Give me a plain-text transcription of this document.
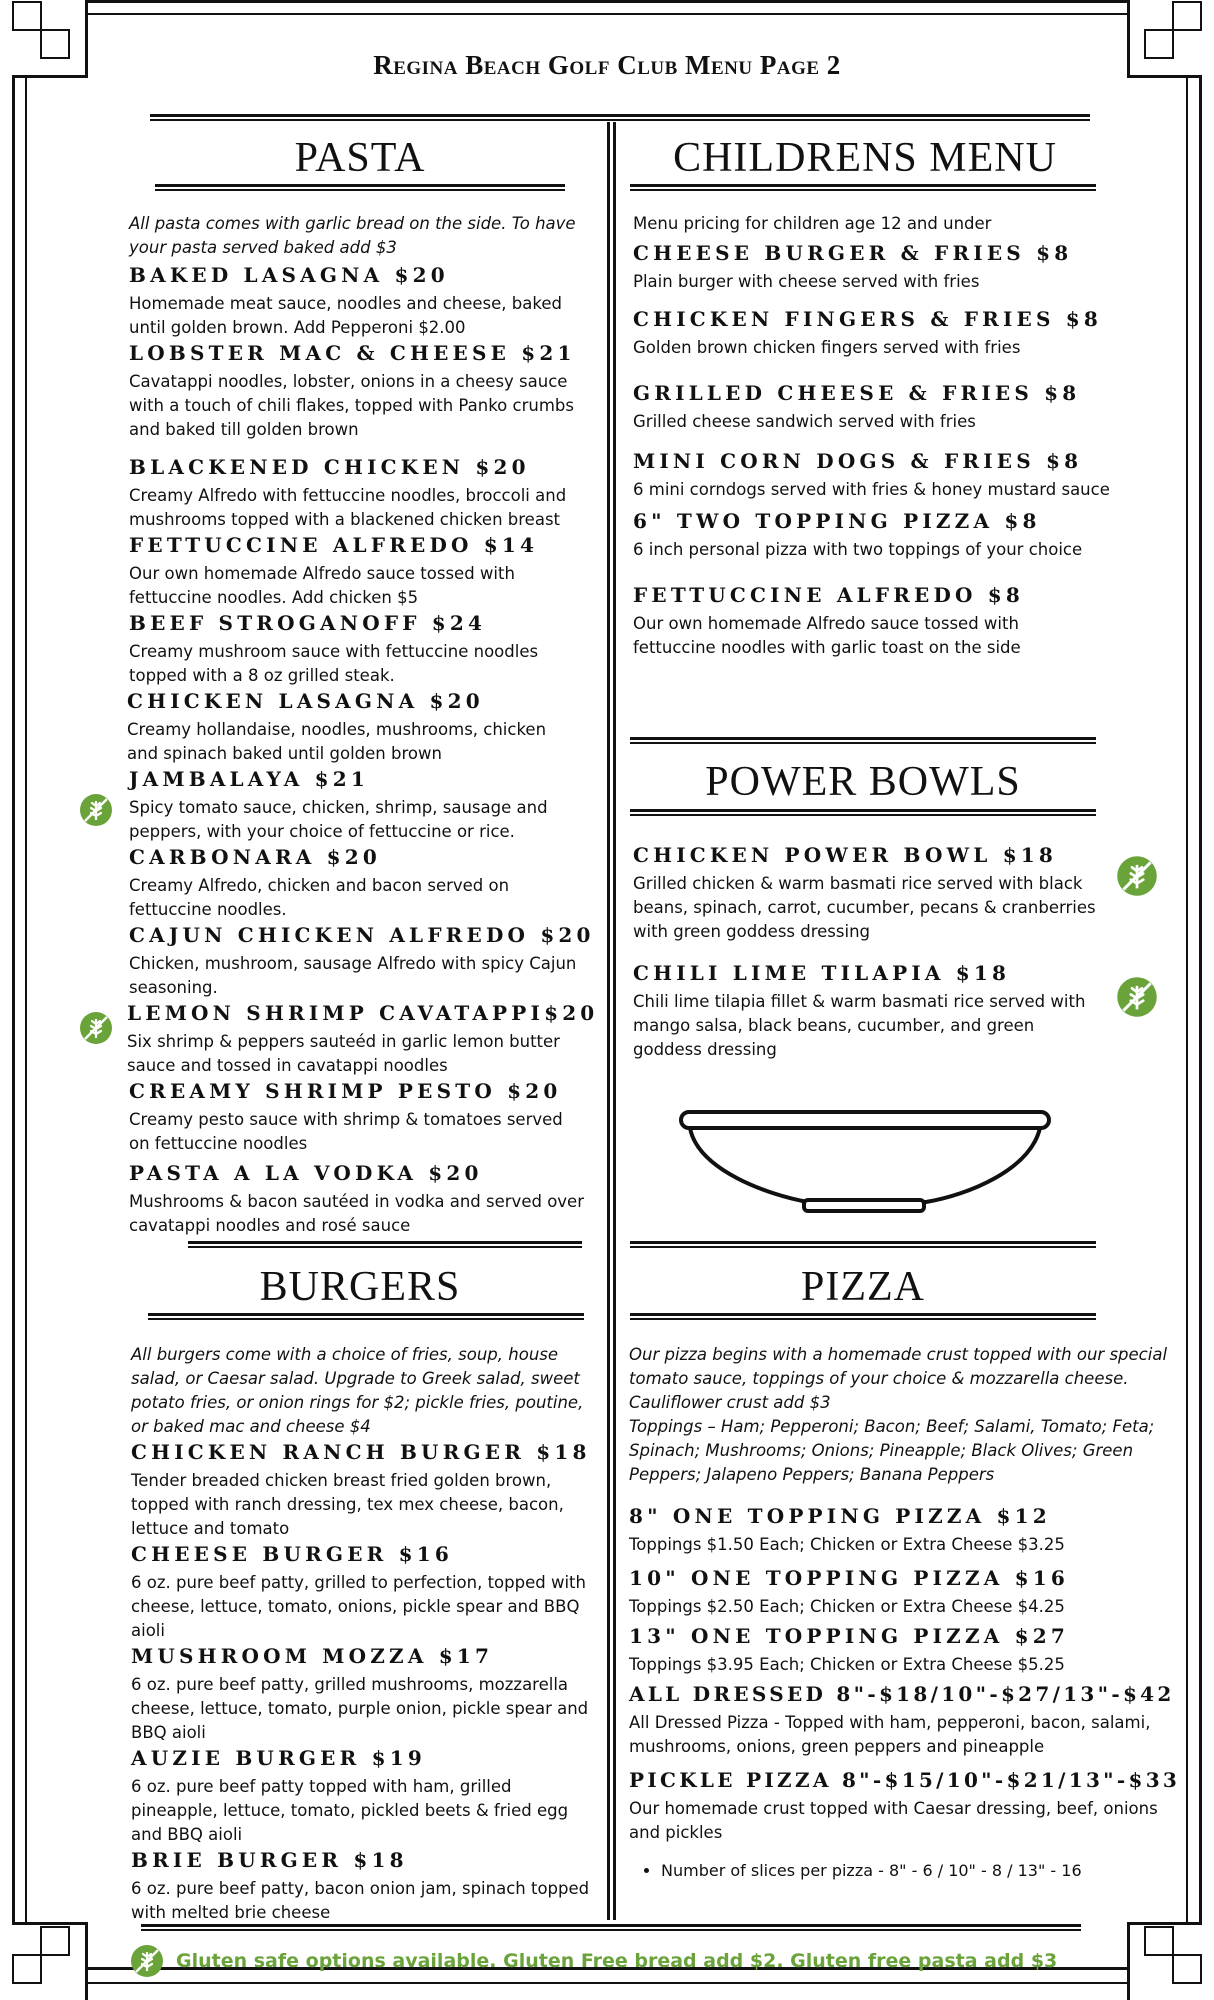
Regina Beach Golf Club Menu Page 2
PASTA
All pasta comes with garlic bread on the side. To have your pasta served baked add $3
BAKED LASAGNA $20
Homemade meat sauce, noodles and cheese, baked until golden brown. Add Pepperoni $2.00
LOBSTER MAC & CHEESE $21
Cavatappi noodles, lobster, onions in a cheesy sauce with a touch of chili flakes, topped with Panko crumbs and baked till golden brown
BLACKENED CHICKEN $20
Creamy Alfredo with fettuccine noodles, broccoli and mushrooms topped with a blackened chicken breast
FETTUCCINE ALFREDO $14
Our own homemade Alfredo sauce tossed with fettuccine noodles. Add chicken $5
BEEF STROGANOFF $24
Creamy mushroom sauce with fettuccine noodles topped with a 8 oz grilled steak.
CHICKEN LASAGNA $20
Creamy hollandaise, noodles, mushrooms, chicken and spinach baked until golden brown
JAMBALAYA $21
Spicy tomato sauce, chicken, shrimp, sausage and peppers, with your choice of fettuccine or rice.
CARBONARA $20
Creamy Alfredo, chicken and bacon served on fettuccine noodles.
CAJUN CHICKEN ALFREDO $20
Chicken, mushroom, sausage Alfredo with spicy Cajun seasoning.
LEMON SHRIMP CAVATAPPI$20
Six shrimp & peppers sauteéd in garlic lemon butter sauce and tossed in cavatappi noodles
CREAMY SHRIMP PESTO $20
Creamy pesto sauce with shrimp & tomatoes served on fettuccine noodles
PASTA A LA VODKA $20
Mushrooms & bacon sautéed in vodka and served over cavatappi noodles and rosé sauce
BURGERS
All burgers come with a choice of fries, soup, house salad, or Caesar salad. Upgrade to Greek salad, sweet potato fries, or onion rings for $2; pickle fries, poutine, or baked mac and cheese $4
CHICKEN RANCH BURGER $18
Tender breaded chicken breast fried golden brown, topped with ranch dressing, tex mex cheese, bacon, lettuce and tomato
CHEESE BURGER $16
6 oz. pure beef patty, grilled to perfection, topped with cheese, lettuce, tomato, onions, pickle spear and BBQ aioli
MUSHROOM MOZZA $17
6 oz. pure beef patty, grilled mushrooms, mozzarella cheese, lettuce, tomato, purple onion, pickle spear and BBQ aioli
AUZIE BURGER $19
6 oz. pure beef patty topped with ham, grilled pineapple, lettuce, tomato, pickled beets & fried egg and BBQ aioli
BRIE BURGER $18
6 oz. pure beef patty, bacon onion jam, spinach topped with melted brie cheese
CHILDRENS MENU
Menu pricing for children age 12 and under
CHEESE BURGER & FRIES $8
Plain burger with cheese served with fries
CHICKEN FINGERS & FRIES $8
Golden brown chicken fingers served with fries
GRILLED CHEESE & FRIES $8
Grilled cheese sandwich served with fries
MINI CORN DOGS & FRIES $8
6 mini corndogs served with fries & honey mustard sauce
6" TWO TOPPING PIZZA $8
6 inch personal pizza with two toppings of your choice
FETTUCCINE ALFREDO $8
Our own homemade Alfredo sauce tossed with fettuccine noodles with garlic toast on the side
POWER BOWLS
CHICKEN POWER BOWL $18
Grilled chicken & warm basmati rice served with black beans, spinach, carrot, cucumber, pecans & cranberries with green goddess dressing
CHILI LIME TILAPIA $18
Chili lime tilapia fillet & warm basmati rice served with mango salsa, black beans, cucumber, and green goddess dressing
PIZZA
Our pizza begins with a homemade crust topped with our special tomato sauce, toppings of your choice & mozzarella cheese. Cauliflower crust add $3
Toppings – Ham; Pepperoni; Bacon; Beef; Salami, Tomato; Feta; Spinach; Mushrooms; Onions; Pineapple; Black Olives; Green Peppers; Jalapeno Peppers; Banana Peppers
8" ONE TOPPING PIZZA $12
Toppings $1.50 Each; Chicken or Extra Cheese $3.25
10" ONE TOPPING PIZZA $16
Toppings $2.50 Each; Chicken or Extra Cheese $4.25
13" ONE TOPPING PIZZA $27
Toppings $3.95 Each; Chicken or Extra Cheese $5.25
ALL DRESSED 8"-$18/10"-$27/13"-$42
All Dressed Pizza - Topped with ham, pepperoni, bacon, salami, mushrooms, onions, green peppers and pineapple
PICKLE PIZZA 8"-$15/10"-$21/13"-$33
Our homemade crust topped with Caesar dressing, beef, onions and pickles
• Number of slices per pizza - 8" - 6 / 10" - 8 / 13" - 16
Gluten safe options available. Gluten Free bread add $2. Gluten free pasta add $3
